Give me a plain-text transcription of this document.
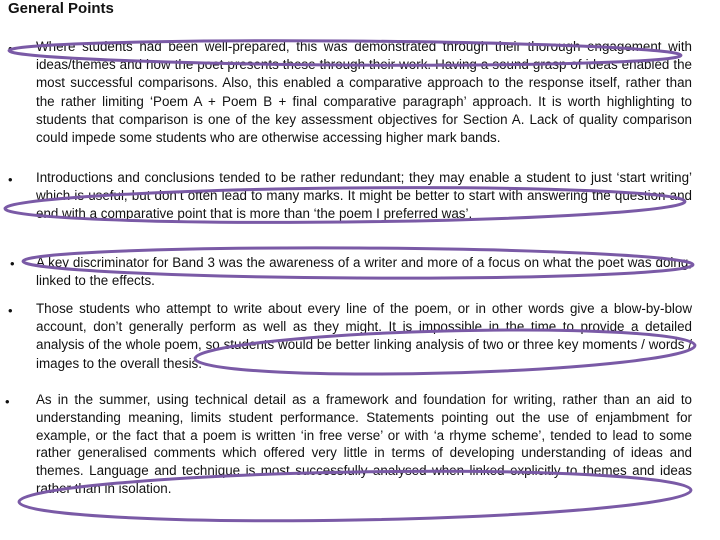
General Points
• Where students had been well-prepared, this was demonstrated through their thorough engagement with ideas/themes and how the poet presents these through their work. Having a sound grasp of ideas enabled the most successful comparisons. Also, this enabled a comparative approach to the response itself, rather than the rather limiting ‘Poem A + Poem B + final comparative paragraph’ approach. It is worth highlighting to students that comparison is one of the key assessment objectives for Section A. Lack of quality comparison could impede some students who are otherwise accessing higher mark bands.
• Introductions and conclusions tended to be rather redundant; they may enable a student to just ‘start writing’ which is useful, but don’t often lead to many marks. It might be better to start with answering the question and end with a comparative point that is more than ‘the poem I preferred was’.
• A key discriminator for Band 3 was the awareness of a writer and more of a focus on what the poet was doing, linked to the effects.
• Those students who attempt to write about every line of the poem, or in other words give a blow-by-blow account, don’t generally perform as well as they might. It is impossible in the time to provide a detailed analysis of the whole poem, so students would be better linking analysis of two or three key moments / words / images to the overall thesis.
• As in the summer, using technical detail as a framework and foundation for writing, rather than an aid to understanding meaning, limits student performance. Statements pointing out the use of enjambment for example, or the fact that a poem is written ‘in free verse’ or with ‘a rhyme scheme’, tended to lead to some rather generalised comments which offered very little in terms of developing understanding of ideas and themes. Language and technique is most successfully analysed when linked explicitly to themes and ideas rather than in isolation.
